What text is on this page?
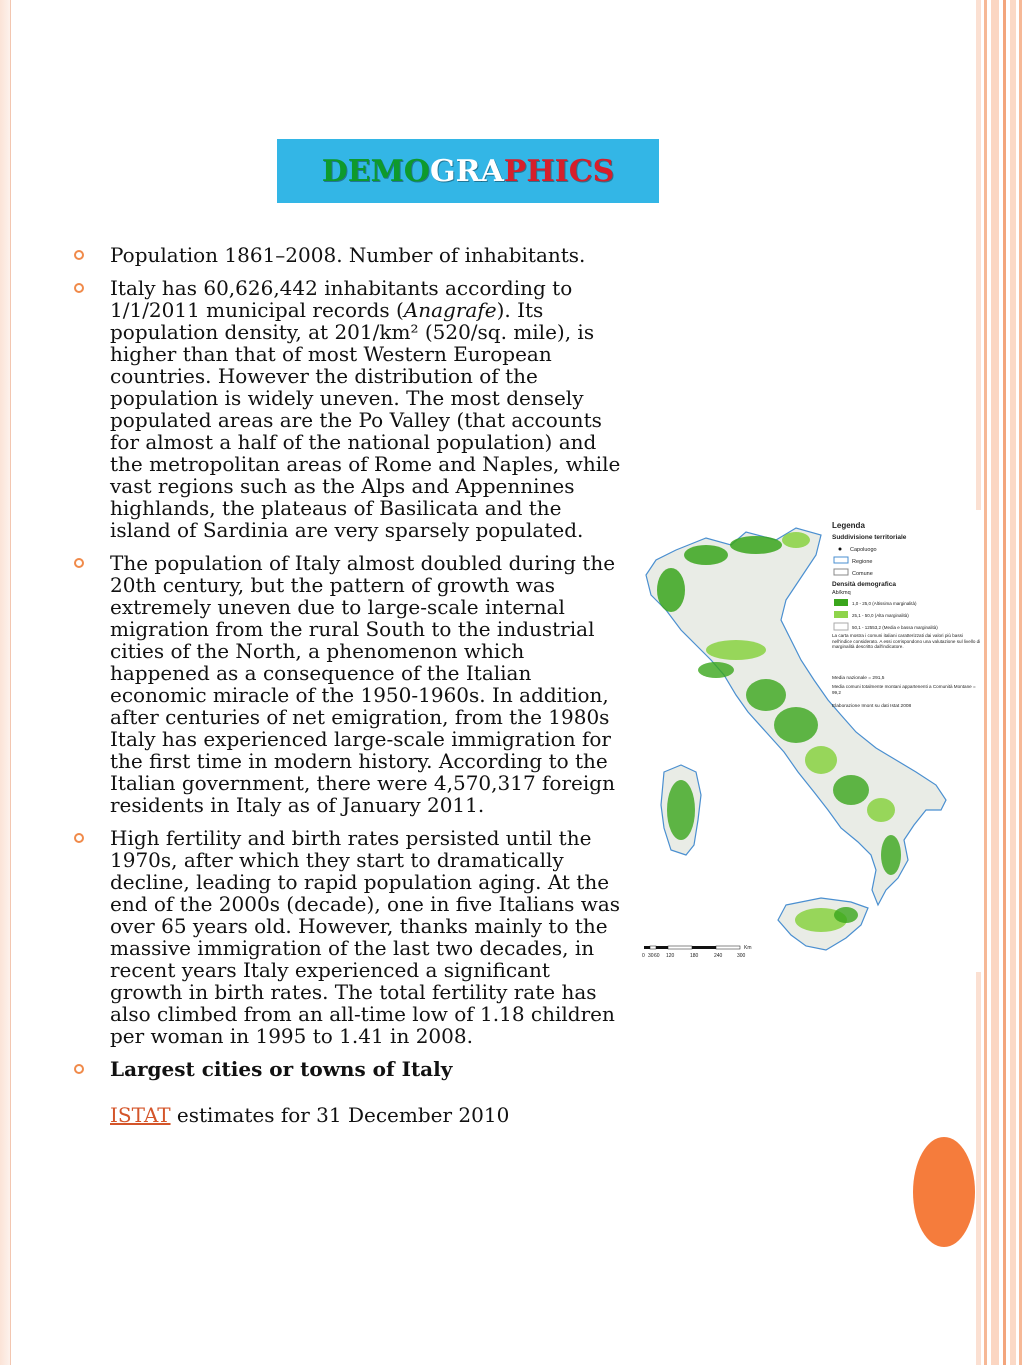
DEMO GRA PHICS
Population 1861–2008. Number of inhabitants.
Italy has 60,626,442 inhabitants according to 1/1/2011 municipal records (Anagrafe). Its population density, at 201/km² (520/sq. mile), is higher than that of most Western European countries. However the distribution of the population is widely uneven. The most densely populated areas are the Po Valley (that accounts for almost a half of the national population) and the metropolitan areas of Rome and Naples, while vast regions such as the Alps and Appennines highlands, the plateaus of Basilicata and the island of Sardinia are very sparsely populated.
The population of Italy almost doubled during the 20th century, but the pattern of growth was extremely uneven due to large-scale internal migration from the rural South to the industrial cities of the North, a phenomenon which happened as a consequence of the Italian economic miracle of the 1950-1960s. In addition, after centuries of net emigration, from the 1980s Italy has experienced large-scale immigration for the first time in modern history. According to the Italian government, there were 4,570,317 foreign residents in Italy as of January 2011.
High fertility and birth rates persisted until the 1970s, after which they start to dramatically decline, leading to rapid population aging. At the end of the 2000s (decade), one in five Italians was over 65 years old. However, thanks mainly to the massive immigration of the last two decades, in recent years Italy experienced a significant growth in birth rates. The total fertility rate has also climbed from an all-time low of 1.18 children per woman in 1995 to 1.41 in 2008.
Largest cities or towns of Italy
ISTAT estimates for 31 December 2010
Legenda
Suddivisione territoriale
Capoluogo
Regione
Comune
Densità demografica
Ab/kmq
1,0 - 25,0 (Altissima marginalità)
25,1 - 50,0 (Alta marginalità)
50,1 - 12553,2 (Media e bassa marginalità)
La carta mostra i comuni italiani caratterizzati dai valori più bassi nell'indice considerato. A essi corrispondono una valutazione sul livello di marginalità descritto dall'indicatore.
Media nazionale = 291,5
Media comuni totalmente montani appartenenti a Comunità Montane = 99,2
Elaborazione Imont su dati Istat 2008
Km
0 30 60 120	180	240	300
